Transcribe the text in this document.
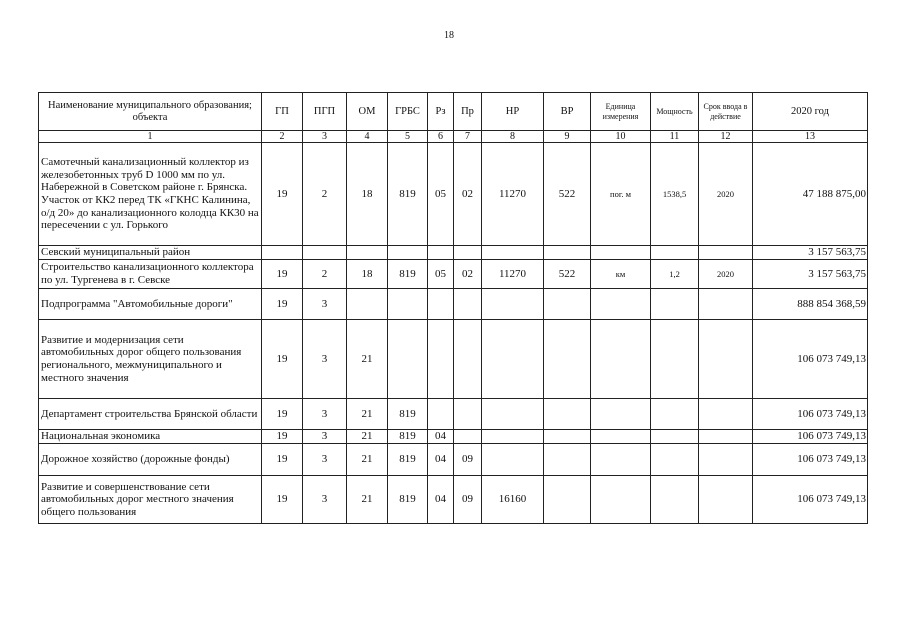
18
Наименование муниципального образования; объекта	ГП	ПГП	ОМ	ГРБС	Рз	Пр	НР	ВР	Единица измерения	Мощность	Срок ввода в действие	2020 год
1	2	3	4	5	6	7	8	9	10	11	12	13
Самотечный канализационный коллектор из железобетонных труб D 1000 мм по ул. Набережной в Советском районе г. Брянска. Участок от КК2 перед ТК «ГКНС Калинина, о/д 20» до канализационного колодца КК30 на пересечении с ул. Горького	19	2	18	819	05	02	11270	522	пог. м	1538,5	2020	47 188 875,00
Севский муниципальный район												3 157 563,75
Строительство канализационного коллектора по ул. Тургенева в г. Севске	19	2	18	819	05	02	11270	522	км	1,2	2020	3 157 563,75
Подпрограмма "Автомобильные дороги"	19	3										888 854 368,59
Развитие и модернизация сети автомобильных дорог общего пользования регионального, межмуниципального и местного значения	19	3	21									106 073 749,13
Департамент строительства Брянской области	19	3	21	819								106 073 749,13
Национальная экономика	19	3	21	819	04							106 073 749,13
Дорожное хозяйство (дорожные фонды)	19	3	21	819	04	09						106 073 749,13
Развитие и совершенствование сети автомобильных дорог местного значения общего пользования	19	3	21	819	04	09	16160					106 073 749,13
